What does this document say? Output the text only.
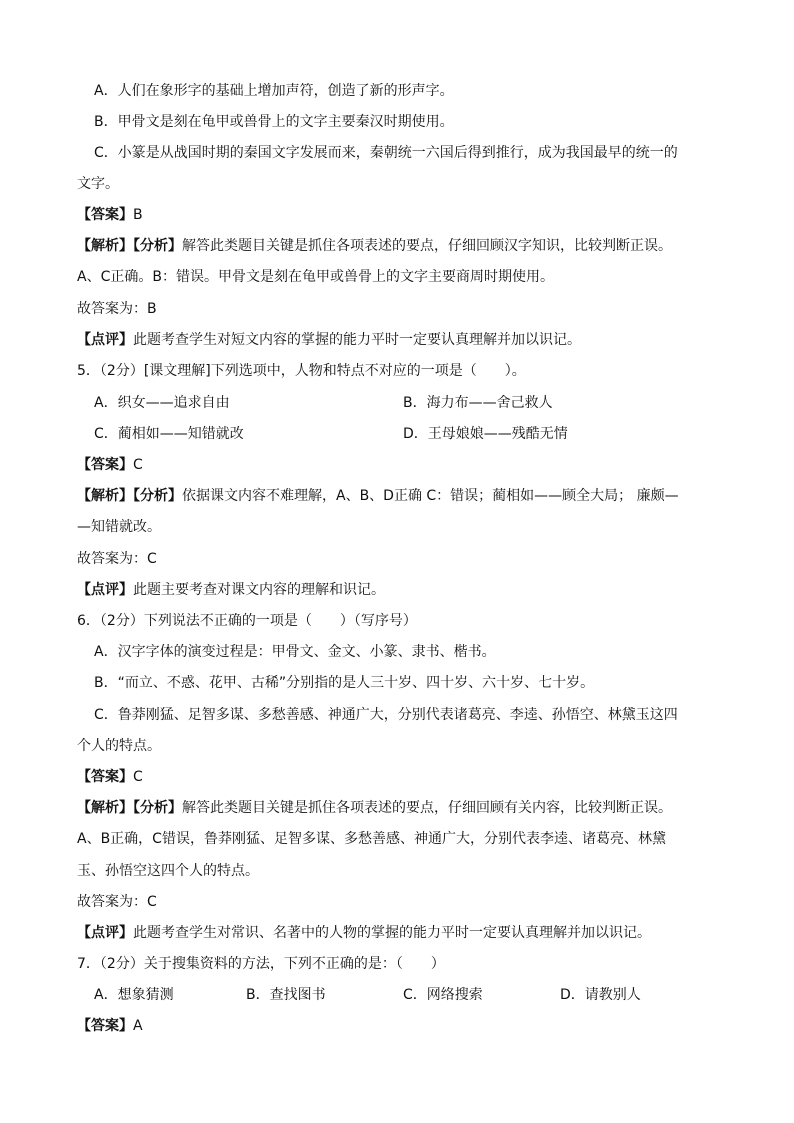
A．人们在象形字的基础上增加声符，创造了新的形声字。
B．甲骨文是刻在龟甲或兽骨上的文字主要秦汉时期使用。
C．小篆是从战国时期的秦国文字发展而来，秦朝统一六国后得到推行，成为我国最早的统一的
文字。
【答案】B
【解析】【分析】解答此类题目关键是抓住各项表述的要点，仔细回顾汉字知识，比较判断正误。
A、C正确。B：错误。甲骨文是刻在龟甲或兽骨上的文字主要商周时期使用。
故答案为：B
【点评】此题考查学生对短文内容的掌握的能力平时一定要认真理解并加以识记。
5．（2分）[课文理解]下列选项中，人物和特点不对应的一项是（　　）。
A．织女——追求自由	B．海力布——舍己救人
C．蔺相如——知错就改	D．王母娘娘——残酷无情
【答案】C
【解析】【分析】依据课文内容不难理解，A、B、D正确 C：错误；蔺相如——顾全大局； 廉颇—
—知错就改。
故答案为：C
【点评】此题主要考查对课文内容的理解和识记。
6．（2分）下列说法不正确的一项是（　　）（写序号）
A．汉字字体的演变过程是：甲骨文、金文、小篆、隶书、楷书。
B．“而立、不惑、花甲、古稀”分别指的是人三十岁、四十岁、六十岁、七十岁。
C．鲁莽刚猛、足智多谋、多愁善感、神通广大，分别代表诸葛亮、李逵、孙悟空、林黛玉这四
个人的特点。
【答案】C
【解析】【分析】解答此类题目关键是抓住各项表述的要点，仔细回顾有关内容，比较判断正误。
A、B正确，C错误，鲁莽刚猛、足智多谋、多愁善感、神通广大，分别代表李逵、诸葛亮、林黛
玉、孙悟空这四个人的特点。
故答案为：C
【点评】此题考查学生对常识、名著中的人物的掌握的能力平时一定要认真理解并加以识记。
7．（2分）关于搜集资料的方法，下列不正确的是：（　　）
A．想象猜测	B．查找图书	C．网络搜索	D．请教别人
【答案】A
